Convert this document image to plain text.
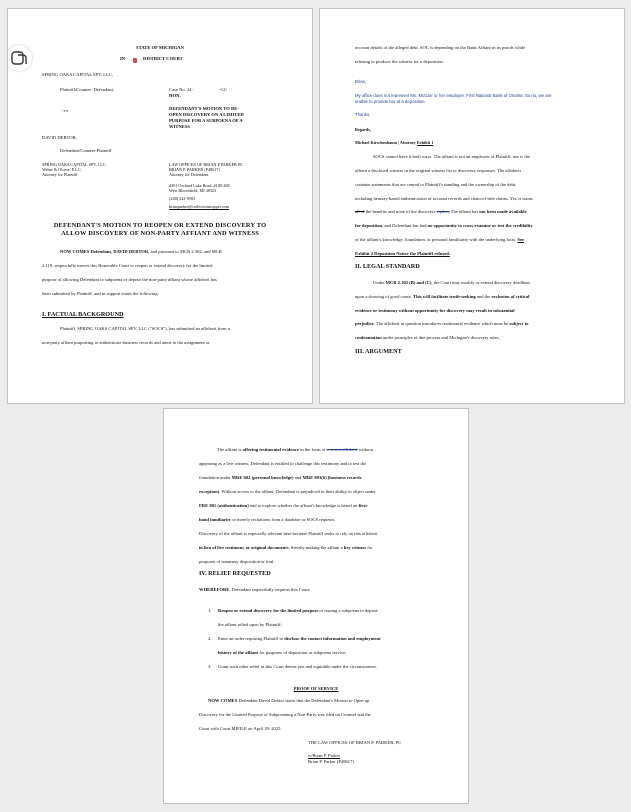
STATE OF MICHIGAN
IN	DISTRICT COURT
SPRING OAKS CAPITAL SPV, LLC,
Plaintiff/Counter -Defendant,	Case No. 24-	-GC
HON.
-vs-	DEFENDANT'S MOTION TO RE-
OPEN DISCOVERY ON A LIMITED
PURPOSE FOR A SUBPOENA OF A
WITNESS
DAVID DEBTOR,
Defendant/Counter-Plaintiff
SPRING OAKS CAPITAL SPV, LLC
Weber & Olcese, P.L.C.
Attorney for Plaintiff
LAW OFFICES OF BRIAN P PARKER PC
BRIAN P. PARKER (P48617)
Attorney for Defendant
4301 Orchard Lake Road, #180-208
West Bloomfield, MI 48323
(248) 342-9583
brianparker@collectionstopper.com
DEFENDANT'S MOTION TO REOPEN OR EXTEND DISCOVERY TO
ALLOW DISCOVERY OF NON-PARTY AFFIANT AND WITNESS
NOW COMES Defendant, DAVID DEBTOR, and pursuant to MCR 2.302, and MCR
2.119, respectfully moves this Honorable Court to reopen or extend discovery for the limited
purpose of allowing Defendant to subpoena or depose the non-party affiant whose affidavit has
been submitted by Plaintiff, and in support states the following:
I. FACTUAL BACKGROUND
Plaintiff, SPRING OAKS CAPITAL SPV, LLC ("SOCS"), has submitted an affidavit from a
non-party affiant purporting to authenticate business records and attest to the assignment or
account details of the alleged debt. SOC is depending on the Bank Affiant in its proofs while
refusing to produce the witness for a deposition:
Brian,
My office does not represent Ms. McGarr or her employer, First National Bank of Omaha. So no, we are
unable to provide her at a deposition.
Thanks,
Regards,
Michael Kirschenbaum | Attorney Exhibit 1
SOCS cannot have it both ways. The affiant is not an employee of Plaintiff, nor is the
affiant a disclosed witness in the original witness list or discovery responses. The affidavit
contains statements that are central to Plaintiff's standing and the ownership of the debt,
including hearsay-based authentication of account records and chain-of-title claims. Yet, it wants
all of the benefits and none of the discovery rquires The affiant has not been made available
for deposition, and Defendant has had no opportunity to cross-examine or test the credibility
of the affiant's knowledge, foundation, or personal familiarity with the underlying facts. See
Exhibit 2 Deposition Notice the Plaintiff refused.
II. LEGAL STANDARD
Under MCR 2.302 (B) and (C), the Court may modify or extend discovery deadlines
upon a showing of good cause. This will facilitate truth-seeking and the exclusion of critical
evidence or testimony without opportunity for discovery may result in substantial
prejudice. The affidavit in question introduces testimonial evidence which must be subject to
confrontation under principles of due process and Michigan's discovery rules.
III. ARGUMENT
The affiant is offering testimonial evidence in the form of a sworn affidavit without
appearing as a live witness. Defendant is entitled to challenge this testimony and to test the
foundation under MRE 602 (personal knowledge) and MRE 803(6) (business records
exception). Without access to the affiant, Defendant is prejudiced in their ability to object under
FRE 901 (authentication) and to explore whether the affiant's knowledge is based on first-
hand familiarity or merely recitations from a database or SOCS requests.
Discovery of the affiant is especially relevant here because Plaintiff seeks to rely on this affidavit
in lieu of live testimony or original documents, thereby making the affiant a key witness for
purposes of summary disposition or trial.
IV. RELIEF REQUESTED
WHEREFORE, Defendant respectfully requests this Court:
1. Reopen or extend discovery for the limited purpose of issuing a subpoena to depose
the affiant relied upon by Plaintiff;
2. Enter an order requiring Plaintiff to disclose the contact information and employment
history of the affiant for purposes of deposition or subpoena service;
3. Grant such other relief as this Court deems just and equitable under the circumstances.
PROOF OF SERVICE
NOW COMES Defendant David Debtor states that the Defendant's Motion to Open up
Discovery for the Limited Purpose of Subpoenaing a Non-Party was filed on Counsel and the
Court with Court MIFILE on April 29, 2025.
THE LAW OFFICES OF BRIAN P. PARKER, PC
/s/Brian P. Parker
Brian P. Parker (P48617)
